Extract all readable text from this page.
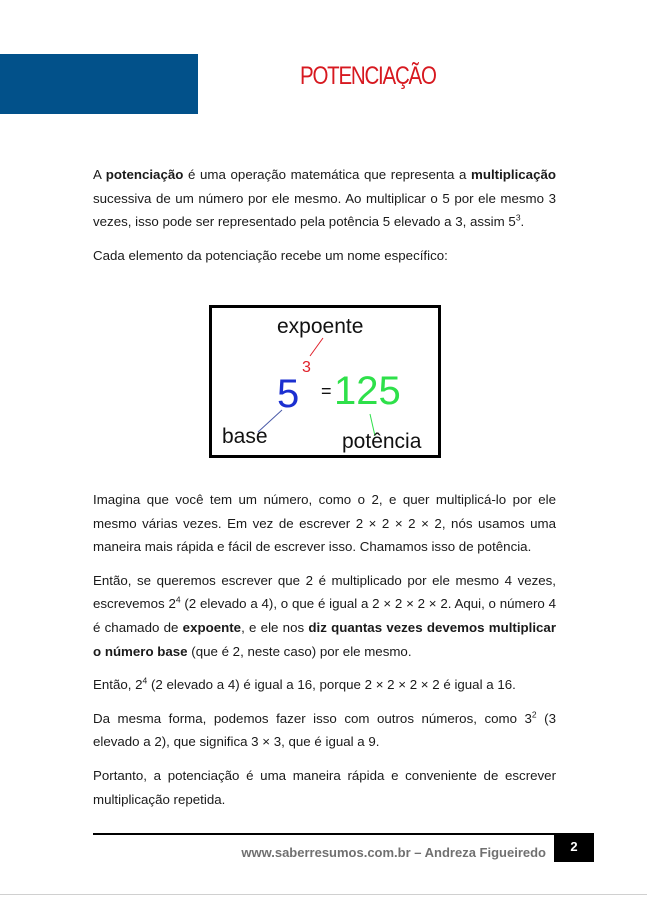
POTENCIAÇÃO

A potenciação é uma operação matemática que representa a multiplicação sucessiva de um número por ele mesmo. Ao multiplicar o 5 por ele mesmo 3 vezes, isso pode ser representado pela potência 5 elevado a 3, assim $5^3$.

Cada elemento da potenciação recebe um nome específico:

expoente
3
5 = 125
base	potência

Imagina que você tem um número, como o 2, e quer multiplicá-lo por ele mesmo várias vezes. Em vez de escrever 2 × 2 × 2 × 2, nós usamos uma maneira mais rápida e fácil de escrever isso. Chamamos isso de potência.

Então, se queremos escrever que 2 é multiplicado por ele mesmo 4 vezes, escrevemos $2^4$ (2 elevado a 4), o que é igual a 2 × 2 × 2 × 2. Aqui, o número 4 é chamado de expoente, e ele nos diz quantas vezes devemos multiplicar o número base (que é 2, neste caso) por ele mesmo.

Então, $2^4$ (2 elevado a 4) é igual a 16, porque 2 × 2 × 2 × 2 é igual a 16.

Da mesma forma, podemos fazer isso com outros números, como $3^2$ (3 elevado a 2), que significa 3 × 3, que é igual a 9.

Portanto, a potenciação é uma maneira rápida e conveniente de escrever multiplicação repetida.

www.saberresumos.com.br – Andreza Figueiredo	2
